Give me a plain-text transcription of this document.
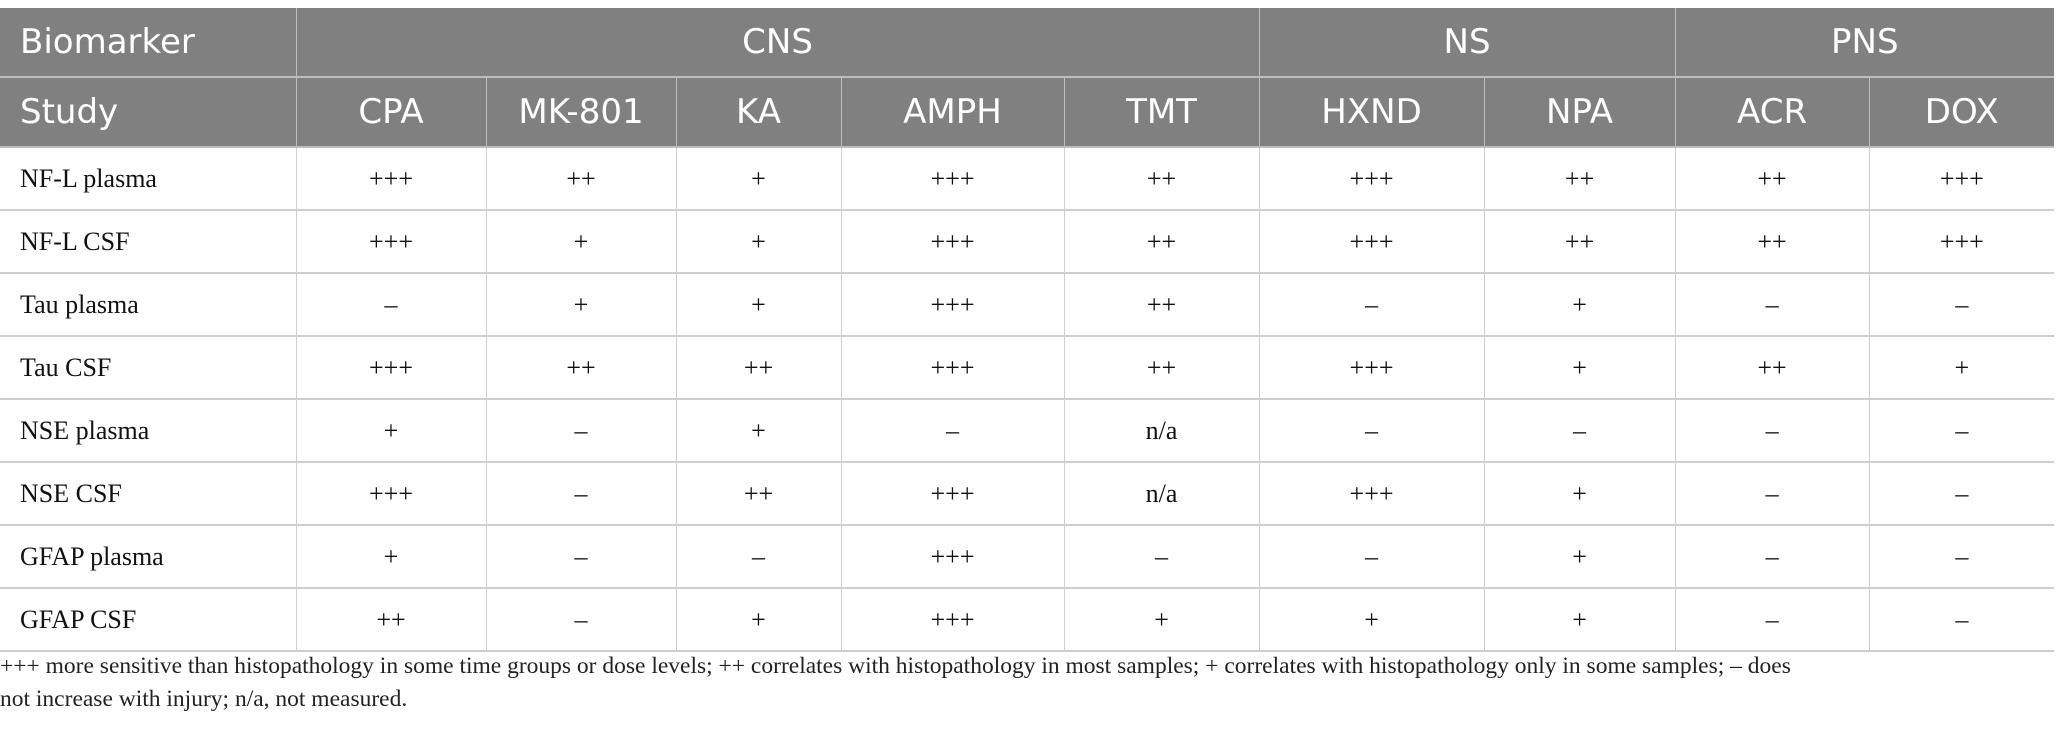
Biomarker	CNS					NS		PNS	
Study	CPA	MK-801	KA	AMPH	TMT	HXND	NPA	ACR	DOX
NF-L plasma	+++	++	+	+++	++	+++	++	++	+++
NF-L CSF	+++	+	+	+++	++	+++	++	++	+++
Tau plasma	–	+	+	+++	++	–	+	–	–
Tau CSF	+++	++	++	+++	++	+++	+	++	+
NSE plasma	+	–	+	–	n/a	–	–	–	–
NSE CSF	+++	–	++	+++	n/a	+++	+	–	–
GFAP plasma	+	–	–	+++	–	–	+	–	–
GFAP CSF	++	–	+	+++	+	+	+	–	–
+++ more sensitive than histopathology in some time groups or dose levels; ++ correlates with histopathology in most samples; + correlates with histopathology only in some samples; – does
not increase with injury; n/a, not measured.
